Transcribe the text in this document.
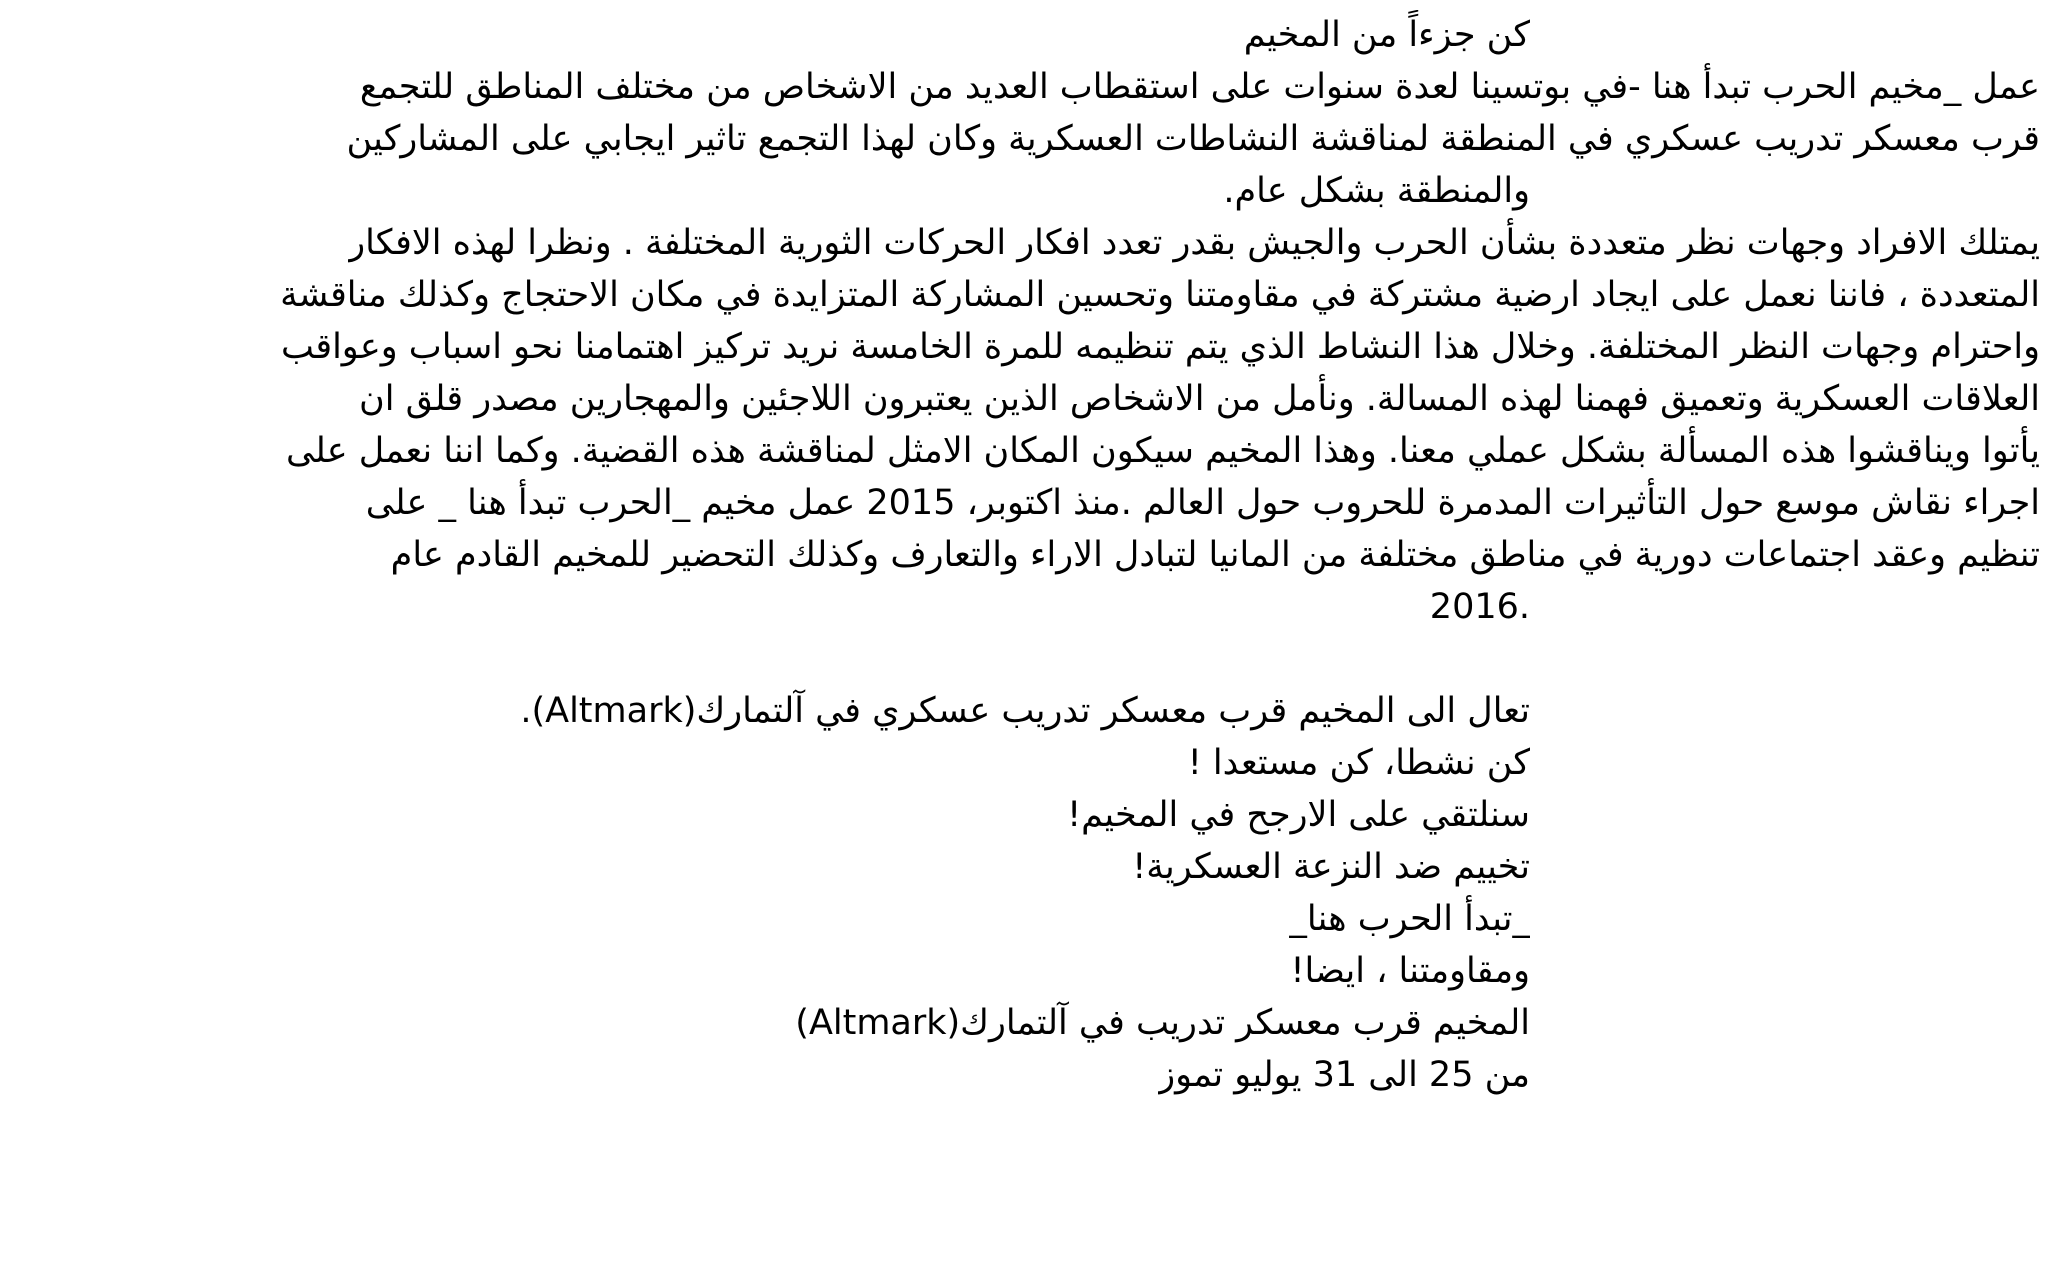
كن جزءاً من المخيم
عمل _مخيم الحرب تبدأ هنا -في بوتسينا لعدة سنوات على استقطاب العديد من الاشخاص من مختلف المناطق للتجمع
قرب معسكر تدريب عسكري في المنطقة لمناقشة النشاطات العسكرية وكان لهذا التجمع تاثير ايجابي على المشاركين
والمنطقة بشكل عام.
يمتلك الافراد وجهات نظر متعددة بشأن الحرب والجيش بقدر تعدد افكار الحركات الثورية المختلفة . ونظرا لهذه الافكار
المتعددة ، فاننا نعمل على ايجاد ارضية مشتركة في مقاومتنا وتحسين المشاركة المتزايدة في مكان الاحتجاج وكذلك مناقشة
واحترام وجهات النظر المختلفة. وخلال هذا النشاط الذي يتم تنظيمه للمرة الخامسة نريد تركيز اهتمامنا نحو اسباب وعواقب
العلاقات العسكرية وتعميق فهمنا لهذه المسالة. ونأمل من الاشخاص الذين يعتبرون اللاجئين والمهجارين مصدر قلق ان
يأتوا ويناقشوا هذه المسألة بشكل عملي معنا. وهذا المخيم سيكون المكان الامثل لمناقشة هذه القضية. وكما اننا نعمل على
اجراء نقاش موسع حول التأثيرات المدمرة للحروب حول العالم .منذ اكتوبر، 2015 عمل مخيم _الحرب تبدأ هنا _ على
تنظيم وعقد اجتماعات دورية في مناطق مختلفة من المانيا لتبادل الاراء والتعارف وكذلك التحضير للمخيم القادم عام
2016.
تعال الى المخيم قرب معسكر تدريب عسكري في آلتمارك(Altmark).
كن نشطا، كن مستعدا !
سنلتقي على الارجح في المخيم!
تخييم ضد النزعة العسكرية!
_تبدأ الحرب هنا_
ومقاومتنا ، ايضا!
المخيم قرب معسكر تدريب في آلتمارك(Altmark)
من 25 الى 31 يوليو تموز
